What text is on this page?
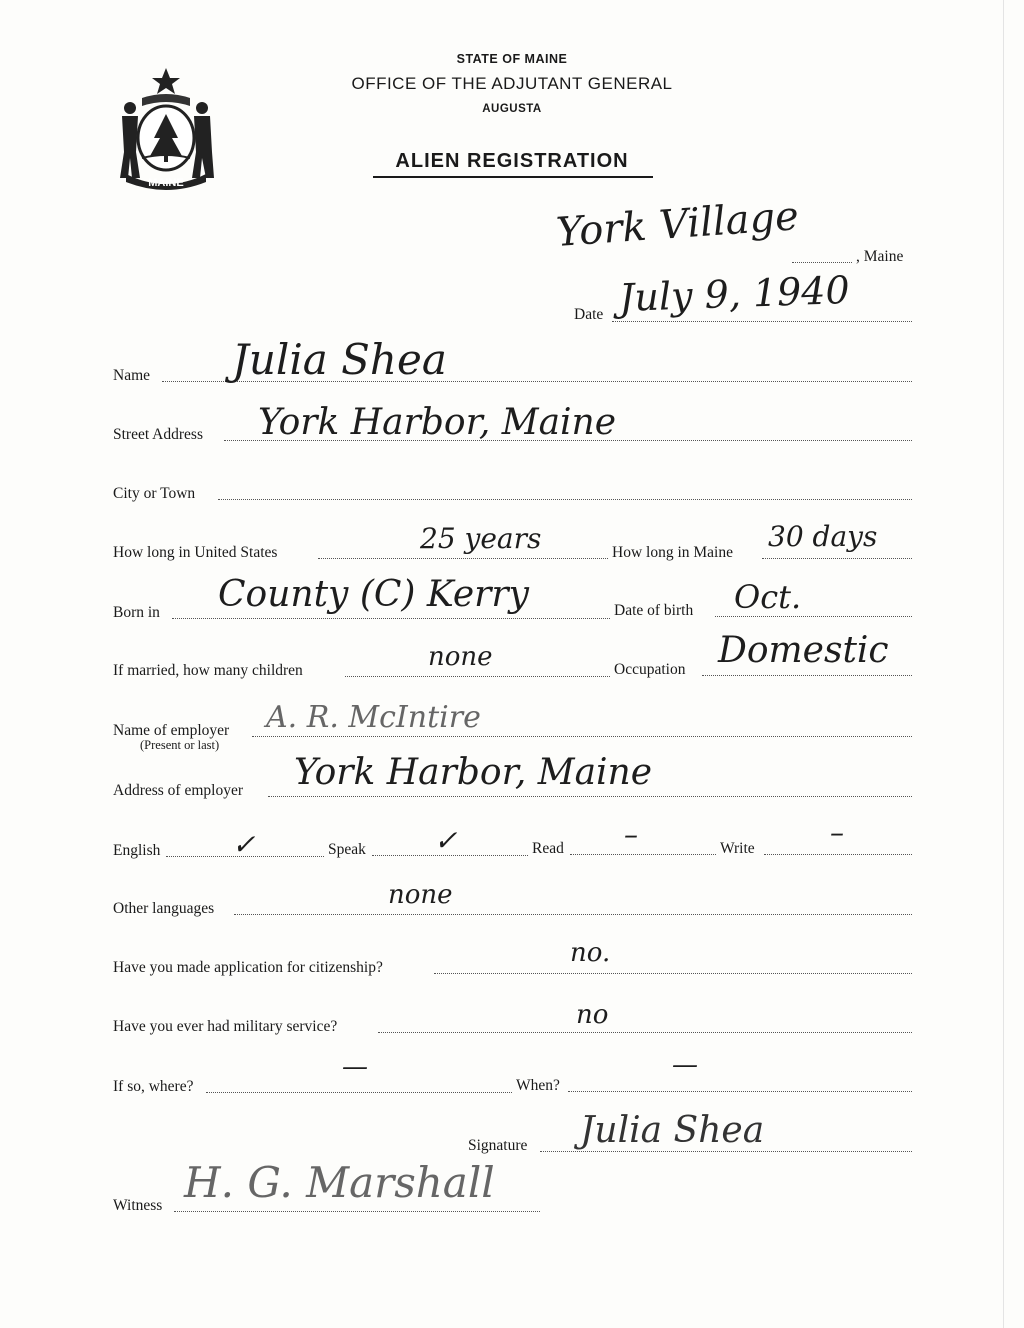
MAINE
STATE OF MAINE
OFFICE OF THE ADJUTANT GENERAL
AUGUSTA
ALIEN REGISTRATION
York Village
, Maine
Date July 9, 1940
Name Julia Shea
Street Address York Harbor, Maine
City or Town
How long in United States	25 years	How long in Maine 30 days
Born in County (C) Kerry	Date of birth Oct.
If married, how many children	none	Occupation Domestic
Name of employer
(Present or last)
A. R. McIntire
Address of employer York Harbor, Maine
English	✓	Speak ✓	Read –	Write	–
Other languages	none
Have you made application for citizenship?	no.
Have you ever had military service?	no
If so, where?
—
When?
—
Signature Julia Shea
Witness H. G. Marshall
